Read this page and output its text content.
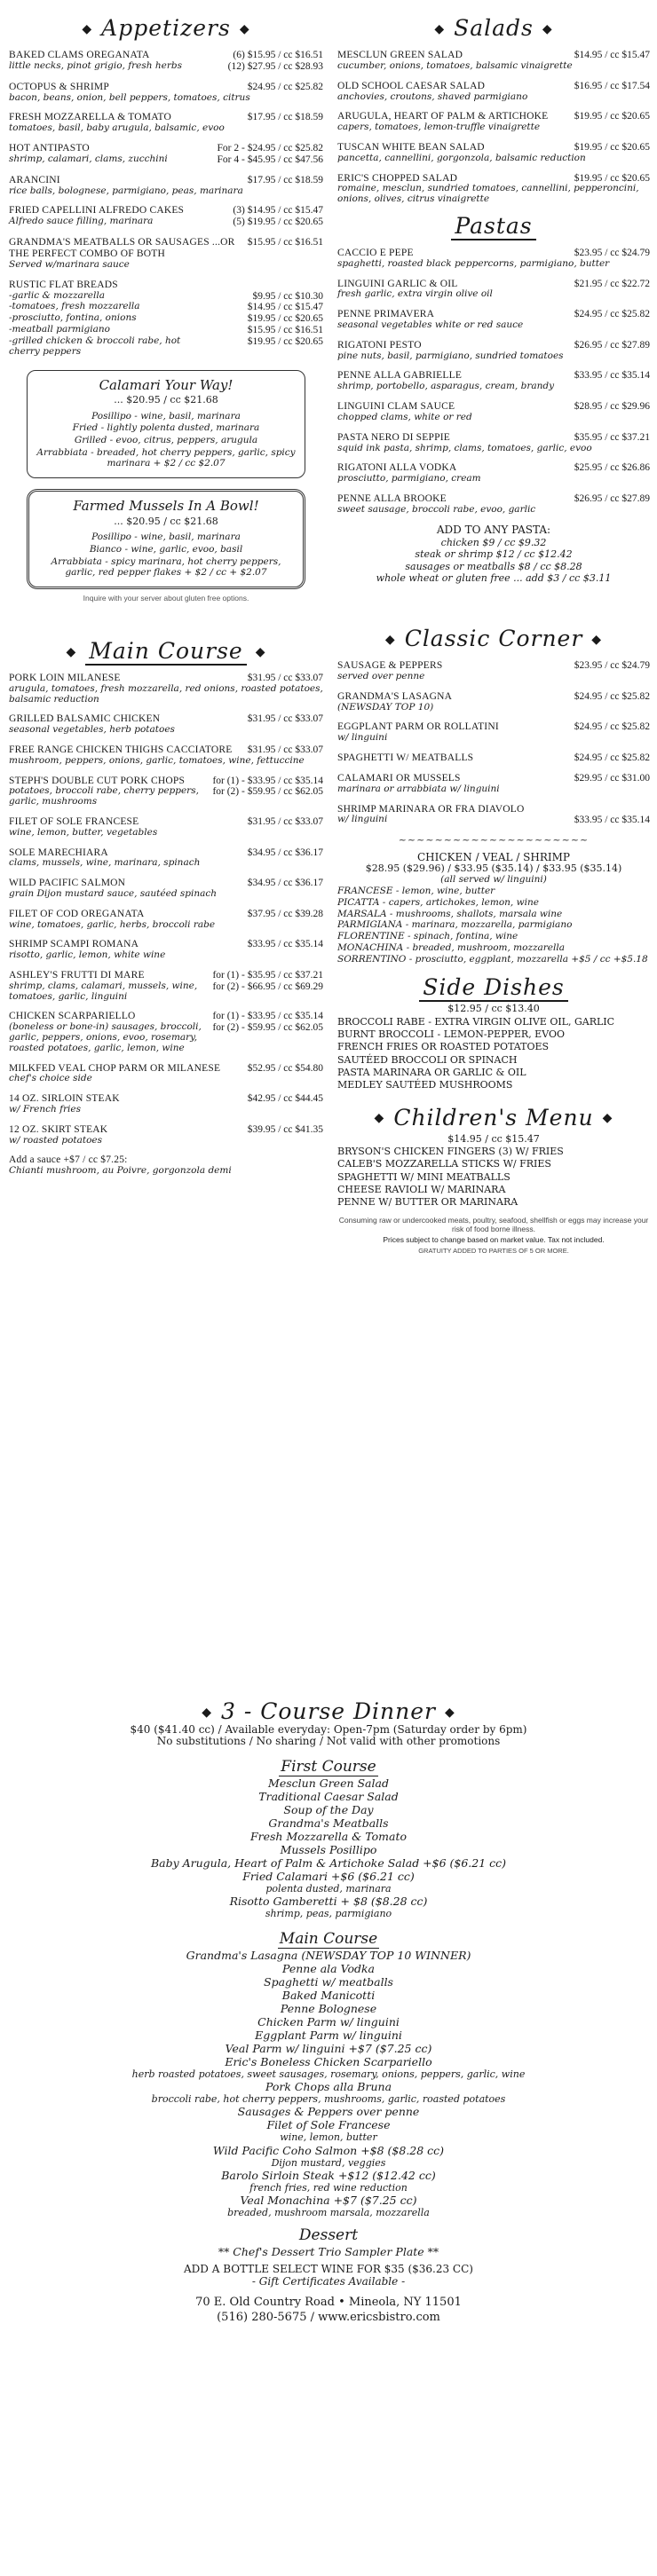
◆ Appetizers ◆
BAKED CLAMS OREGANATA	(6) $15.95 / cc $16.51
little necks, pinot grigio, fresh herbs	(12) $27.95 / cc $28.93
OCTOPUS & SHRIMP	$24.95 / cc $25.82
bacon, beans, onion, bell peppers, tomatoes, citrus
FRESH MOZZARELLA & TOMATO	$17.95 / cc $18.59
tomatoes, basil, baby arugula, balsamic, evoo
HOT ANTIPASTO	For 2 - $24.95 / cc $25.82
shrimp, calamari, clams, zucchini	For 4 - $45.95 / cc $47.56
ARANCINI	$17.95 / cc $18.59
rice balls, bolognese, parmigiano, peas, marinara
FRIED CAPELLINI ALFREDO CAKES	(3) $14.95 / cc $15.47
Alfredo sauce filling, marinara	(5) $19.95 / cc $20.65
GRANDMA'S MEATBALLS OR SAUSAGES ...OR THE PERFECT COMBO OF BOTH
$15.95 / cc $16.51
Served w/marinara sauce
RUSTIC FLAT BREADS
-garlic & mozzarella	$9.95 / cc $10.30
-tomatoes, fresh mozzarella	$14.95 / cc $15.47
-prosciutto, fontina, onions	$19.95 / cc $20.65
-meatball parmigiano	$15.95 / cc $16.51
-grilled chicken & broccoli rabe, hot cherry peppers
$19.95 / cc $20.65
Calamari Your Way!
... $20.95 / cc $21.68
Posillipo - wine, basil, marinara
Fried - lightly polenta dusted, marinara
Grilled - evoo, citrus, peppers, arugula
Arrabbiata - breaded, hot cherry peppers, garlic, spicy marinara + $2 / cc $2.07
Farmed Mussels In A Bowl!
... $20.95 / cc $21.68
Posillipo - wine, basil, marinara
Bianco - wine, garlic, evoo, basil
Arrabbiata - spicy marinara, hot cherry peppers, garlic, red pepper flakes + $2 / cc + $2.07
Inquire with your server about gluten free options.
◆ Main Course ◆
PORK LOIN MILANESE	$31.95 / cc $33.07
arugula, tomatoes, fresh mozzarella, red onions, roasted potatoes, balsamic reduction
GRILLED BALSAMIC CHICKEN	$31.95 / cc $33.07
seasonal vegetables, herb potatoes
FREE RANGE CHICKEN THIGHS CACCIATORE $31.95 / cc $33.07
mushroom, peppers, onions, garlic, tomatoes, wine, fettuccine
STEPH'S DOUBLE CUT PORK CHOPS	for (1) - $33.95 / cc $35.14
potatoes, broccoli rabe, cherry peppers, garlic, mushrooms
for (2) - $59.95 / cc $62.05
FILET OF SOLE FRANCESE	$31.95 / cc $33.07
wine, lemon, butter, vegetables
SOLE MARECHIARA	$34.95 / cc $36.17
clams, mussels, wine, marinara, spinach
WILD PACIFIC SALMON	$34.95 / cc $36.17
grain Dijon mustard sauce, sautéed spinach
FILET OF COD OREGANATA	$37.95 / cc $39.28
wine, tomatoes, garlic, herbs, broccoli rabe
SHRIMP SCAMPI ROMANA	$33.95 / cc $35.14
risotto, garlic, lemon, white wine
ASHLEY'S FRUTTI DI MARE	for (1) - $35.95 / cc $37.21
shrimp, clams, calamari, mussels, wine, tomatoes, garlic, linguini
for (2) - $66.95 / cc $69.29
CHICKEN SCARPARIELLO	for (1) - $33.95 / cc $35.14
(boneless or bone-in) sausages, broccoli, garlic, peppers, onions, evoo, rosemary, roasted potatoes, garlic, lemon, wine
for (2) - $59.95 / cc $62.05
MILKFED VEAL CHOP PARM OR MILANESE	$52.95 / cc $54.80
chef's choice side
14 OZ. SIRLOIN STEAK	$42.95 / cc $44.45
w/ French fries
12 OZ. SKIRT STEAK	$39.95 / cc $41.35
w/ roasted potatoes
Add a sauce +$7 / cc $7.25:
Chianti mushroom, au Poivre, gorgonzola demi
◆ Salads ◆
MESCLUN GREEN SALAD	$14.95 / cc $15.47
cucumber, onions, tomatoes, balsamic vinaigrette
OLD SCHOOL CAESAR SALAD	$16.95 / cc $17.54
anchovies, croutons, shaved parmigiano
ARUGULA, HEART OF PALM & ARTICHOKE	$19.95 / cc $20.65
capers, tomatoes, lemon-truffle vinaigrette
TUSCAN WHITE BEAN SALAD	$19.95 / cc $20.65
pancetta, cannellini, gorgonzola, balsamic reduction
ERIC'S CHOPPED SALAD	$19.95 / cc $20.65
romaine, mesclun, sundried tomatoes, cannellini, pepperoncini, onions, olives, citrus vinaigrette
Pastas
CACCIO E PEPE	$23.95 / cc $24.79
spaghetti, roasted black peppercorns, parmigiano, butter
LINGUINI GARLIC & OIL	$21.95 / cc $22.72
fresh garlic, extra virgin olive oil
PENNE PRIMAVERA	$24.95 / cc $25.82
seasonal vegetables white or red sauce
RIGATONI PESTO	$26.95 / cc $27.89
pine nuts, basil, parmigiano, sundried tomatoes
PENNE ALLA GABRIELLE	$33.95 / cc $35.14
shrimp, portobello, asparagus, cream, brandy
LINGUINI CLAM SAUCE	$28.95 / cc $29.96
chopped clams, white or red
PASTA NERO DI SEPPIE	$35.95 / cc $37.21
squid ink pasta, shrimp, clams, tomatoes, garlic, evoo
RIGATONI ALLA VODKA	$25.95 / cc $26.86
prosciutto, parmigiano, cream
PENNE ALLA BROOKE	$26.95 / cc $27.89
sweet sausage, broccoli rabe, evoo, garlic
ADD TO ANY PASTA:
chicken $9 / cc $9.32
steak or shrimp $12 / cc $12.42
sausages or meatballs $8 / cc $8.28
whole wheat or gluten free ... add $3 / cc $3.11
◆ Classic Corner ◆
SAUSAGE & PEPPERS	$23.95 / cc $24.79
served over penne
GRANDMA'S LASAGNA	$24.95 / cc $25.82
(NEWSDAY TOP 10)
EGGPLANT PARM OR ROLLATINI	$24.95 / cc $25.82
w/ linguini
SPAGHETTI W/ MEATBALLS	$24.95 / cc $25.82
CALAMARI OR MUSSELS	$29.95 / cc $31.00
marinara or arrabbiata w/ linguini
SHRIMP MARINARA OR FRA DIAVOLO
w/ linguini	$33.95 / cc $35.14
~~~~~~~~~~~~~~~~~~~~~
CHICKEN / VEAL / SHRIMP
$28.95 ($29.96) / $33.95 ($35.14) / $33.95 ($35.14)
(all served w/ linguini)
FRANCESE - lemon, wine, butter
PICATTA - capers, artichokes, lemon, wine
MARSALA - mushrooms, shallots, marsala wine
PARMIGIANA - marinara, mozzarella, parmigiano
FLORENTINE - spinach, fontina, wine
MONACHINA - breaded, mushroom, mozzarella
SORRENTINO - prosciutto, eggplant, mozzarella +$5 / cc +$5.18
Side Dishes
$12.95 / cc $13.40
BROCCOLI RABE - EXTRA VIRGIN OLIVE OIL, GARLIC
BURNT BROCCOLI - LEMON-PEPPER, EVOO
FRENCH FRIES OR ROASTED POTATOES
SAUTÉED BROCCOLI OR SPINACH
PASTA MARINARA OR GARLIC & OIL
MEDLEY SAUTÉED MUSHROOMS
◆ Children's Menu ◆
$14.95 / cc $15.47
BRYSON'S CHICKEN FINGERS (3) W/ FRIES
CALEB'S MOZZARELLA STICKS W/ FRIES
SPAGHETTI W/ MINI MEATBALLS
CHEESE RAVIOLI W/ MARINARA
PENNE W/ BUTTER OR MARINARA
Consuming raw or undercooked meats, poultry, seafood, shellfish or eggs may increase your risk of food borne illness.
Prices subject to change based on market value. Tax not included.
GRATUITY ADDED TO PARTIES OF 5 OR MORE.
◆ 3 - Course Dinner ◆
$40 ($41.40 cc) / Available everyday: Open-7pm (Saturday order by 6pm)
No substitutions / No sharing / Not valid with other promotions
First Course
Mesclun Green Salad
Traditional Caesar Salad
Soup of the Day
Grandma's Meatballs
Fresh Mozzarella & Tomato
Mussels Posillipo
Baby Arugula, Heart of Palm & Artichoke Salad +$6 ($6.21 cc)
Fried Calamari +$6 ($6.21 cc)
polenta dusted, marinara
Risotto Gamberetti + $8 ($8.28 cc)
shrimp, peas, parmigiano
Main Course
Grandma's Lasagna (NEWSDAY TOP 10 WINNER)
Penne ala Vodka
Spaghetti w/ meatballs
Baked Manicotti
Penne Bolognese
Chicken Parm w/ linguini
Eggplant Parm w/ linguini
Veal Parm w/ linguini +$7 ($7.25 cc)
Eric's Boneless Chicken Scarpariello
herb roasted potatoes, sweet sausages, rosemary, onions, peppers, garlic, wine
Pork Chops alla Bruna
broccoli rabe, hot cherry peppers, mushrooms, garlic, roasted potatoes
Sausages & Peppers over penne
Filet of Sole Francese
wine, lemon, butter
Wild Pacific Coho Salmon +$8 ($8.28 cc)
Dijon mustard, veggies
Barolo Sirloin Steak +$12 ($12.42 cc)
french fries, red wine reduction
Veal Monachina +$7 ($7.25 cc)
breaded, mushroom marsala, mozzarella
Dessert
** Chef's Dessert Trio Sampler Plate **
ADD A BOTTLE SELECT WINE FOR $35 ($36.23 CC)
- Gift Certificates Available -
70 E. Old Country Road • Mineola, NY 11501
(516) 280-5675 / www.ericsbistro.com
